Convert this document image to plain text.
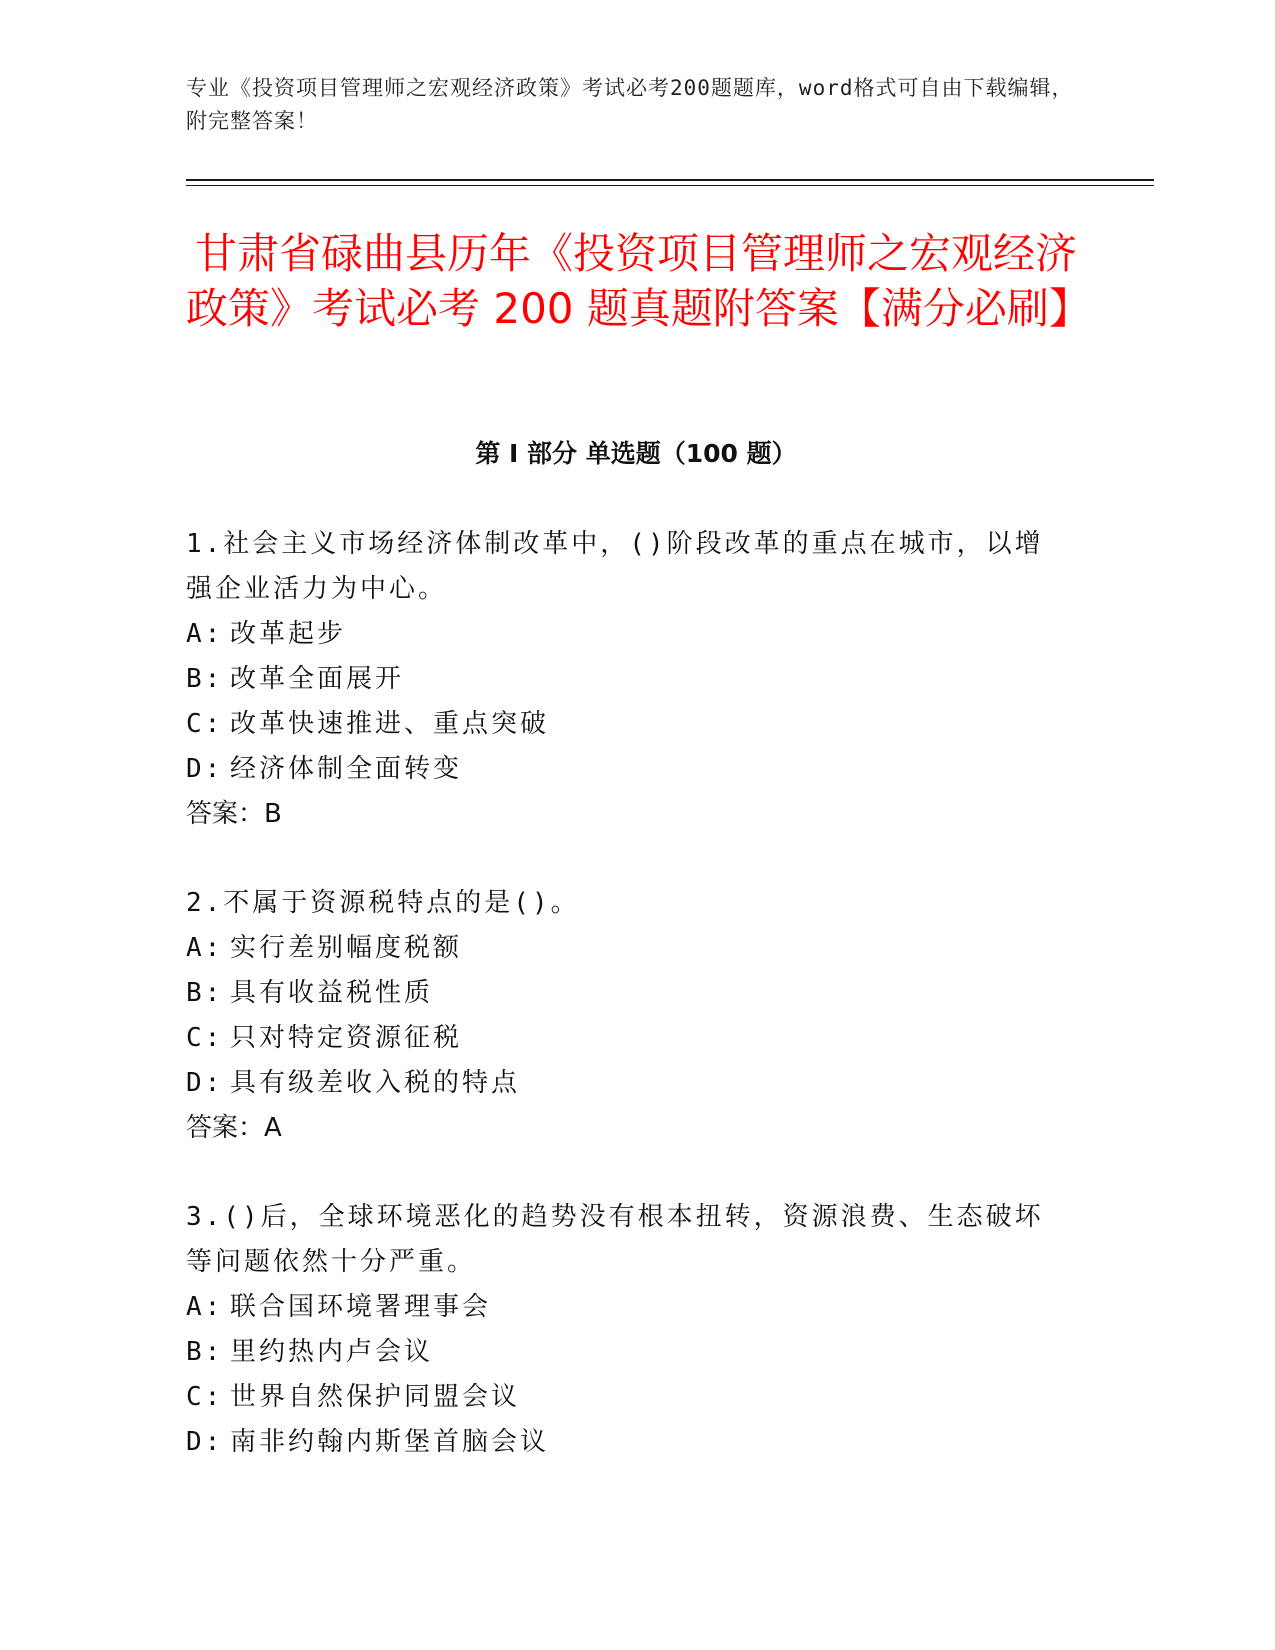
专业《投资项目管理师之宏观经济政策》考试必考200题题库，word格式可自由下载编辑，附完整答案！
甘肃省碌曲县历年《投资项目管理师之宏观经济政策》考试必考 200 题真题附答案【满分必刷】
第 I 部分 单选题（100 题）

1.社会主义市场经济体制改革中，()阶段改革的重点在城市，以增强企业活力为中心。

A: 改革起步

B: 改革全面展开

C: 改革快速推进、重点突破

D: 经济体制全面转变

答案：B

2.不属于资源税特点的是()。

A: 实行差别幅度税额

B: 具有收益税性质

C: 只对特定资源征税

D: 具有级差收入税的特点

答案：A

3.()后，全球环境恶化的趋势没有根本扭转，资源浪费、生态破坏等问题依然十分严重。

A: 联合国环境署理事会

B: 里约热内卢会议

C: 世界自然保护同盟会议

D: 南非约翰内斯堡首脑会议
